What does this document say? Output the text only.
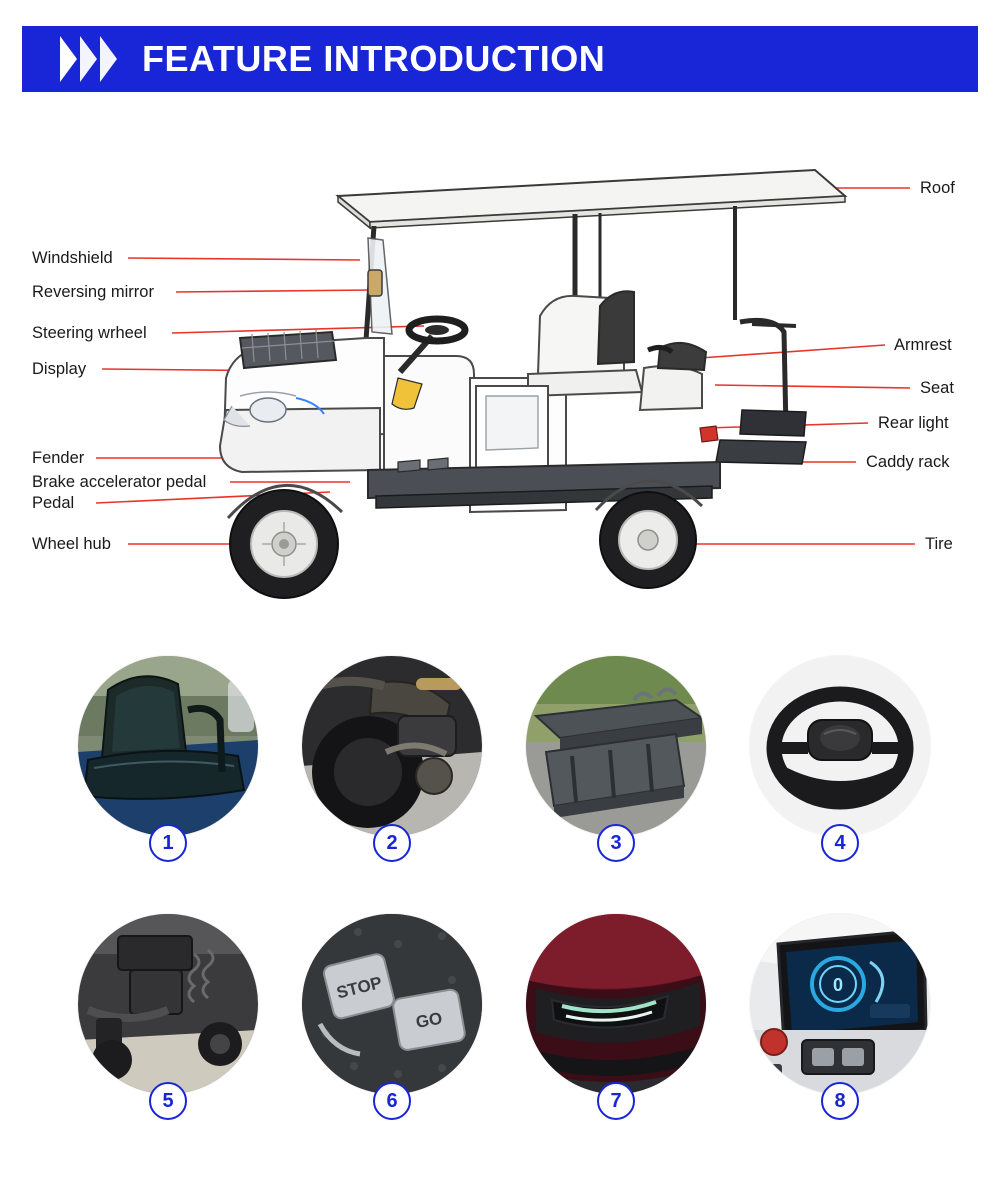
FEATURE INTRODUCTION
Roof
Armrest
Seat
Rear light
Caddy rack
Tire
Windshield
Reversing mirror
Steering wrheel
Display
Fender
Brake accelerator pedal
Pedal
Wheel hub
1	2	3	4
5
STOP
GO
6	7
0
8
